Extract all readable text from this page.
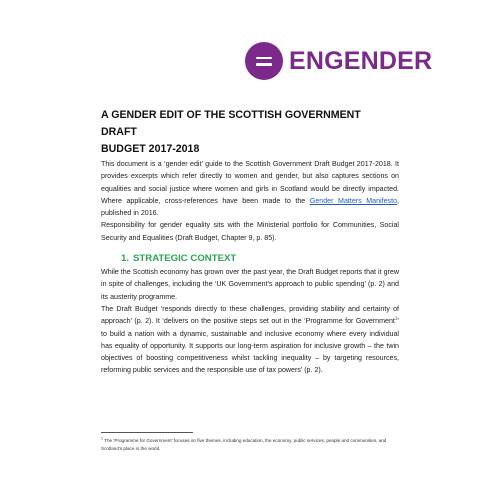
ENGENDER
A GENDER EDIT OF THE SCOTTISH GOVERNMENT DRAFT
BUDGET 2017-2018

This document is a ‘gender edit’ guide to the Scottish Government Draft Budget 2017-2018. It provides excerpts which refer directly to women and gender, but also captures sections on equalities and social justice where women and girls in Scotland would be directly impacted. Where applicable, cross-references have been made to the Gender Matters Manifesto, published in 2016.

Responsibility for gender equality sits with the Ministerial portfolio for Communities, Social Security and Equalities (Draft Budget, Chapter 9, p. 85).

1. STRATEGIC CONTEXT

While the Scottish economy has grown over the past year, the Draft Budget reports that it grew in spite of challenges, including the ‘UK Government’s approach to public spending’ (p. 2) and its austerity programme.

The Draft Budget ‘responds directly to these challenges, providing stability and certainty of approach’ (p. 2). It ‘delivers on the positive steps set out in the ‘Programme for Government$^1$’ to build a nation with a dynamic, sustainable and inclusive economy where every individual has equality of opportunity. It supports our long-term aspiration for inclusive growth – the twin objectives of boosting competitiveness whilst tackling inequality – by targeting resources, reforming public services and the responsible use of tax powers’ (p. 2).

$^1$ The ‘Programme for Government’ focuses on five themes, including education, the economy, public services, people and communities, and Scotland’s place in the world.
